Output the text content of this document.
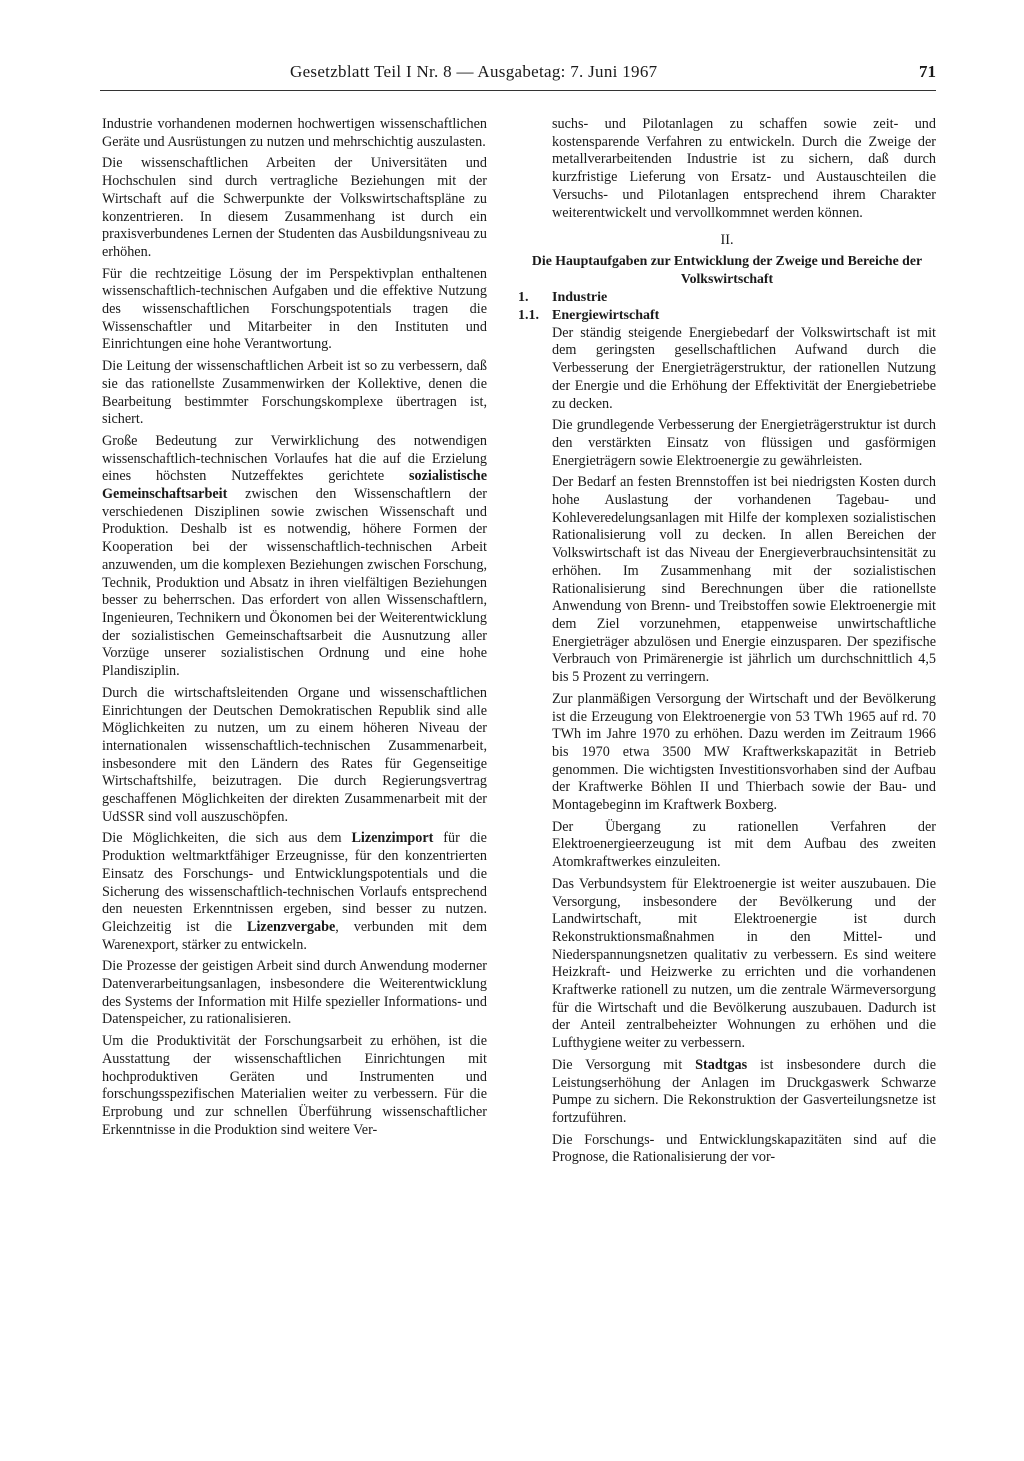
Gesetzblatt Teil I Nr. 8 — Ausgabetag: 7. Juni 1967	71

Industrie vorhandenen modernen hochwertigen wissenschaftlichen Geräte und Ausrüstungen zu nutzen und mehrschichtig auszulasten.

Die wissenschaftlichen Arbeiten der Universitäten und Hochschulen sind durch vertragliche Beziehungen mit der Wirtschaft auf die Schwerpunkte der Volkswirtschaftspläne zu konzentrieren. In diesem Zusammenhang ist durch ein praxisverbundenes Lernen der Studenten das Ausbildungsniveau zu erhöhen.

Für die rechtzeitige Lösung der im Perspektivplan enthaltenen wissenschaftlich-technischen Aufgaben und die effektive Nutzung des wissenschaftlichen Forschungspotentials tragen die Wissenschaftler und Mitarbeiter in den Instituten und Einrichtungen eine hohe Verantwortung.

Die Leitung der wissenschaftlichen Arbeit ist so zu verbessern, daß sie das rationellste Zusammenwirken der Kollektive, denen die Bearbeitung bestimmter Forschungskomplexe übertragen ist, sichert.

Große Bedeutung zur Verwirklichung des notwendigen wissenschaftlich-technischen Vorlaufes hat die auf die Erzielung eines höchsten Nutzeffektes gerichtete sozialistische Gemeinschaftsarbeit zwischen den Wissenschaftlern der verschiedenen Disziplinen sowie zwischen Wissenschaft und Produktion. Deshalb ist es notwendig, höhere Formen der Kooperation bei der wissenschaftlich-technischen Arbeit anzuwenden, um die komplexen Beziehungen zwischen Forschung, Technik, Produktion und Absatz in ihren vielfältigen Beziehungen besser zu beherrschen. Das erfordert von allen Wissenschaftlern, Ingenieuren, Technikern und Ökonomen bei der Weiterentwicklung der sozialistischen Gemeinschaftsarbeit die Ausnutzung aller Vorzüge unserer sozialistischen Ordnung und eine hohe Plandisziplin.

Durch die wirtschaftsleitenden Organe und wissenschaftlichen Einrichtungen der Deutschen Demokratischen Republik sind alle Möglichkeiten zu nutzen, um zu einem höheren Niveau der internationalen wissenschaftlich-technischen Zusammenarbeit, insbesondere mit den Ländern des Rates für Gegenseitige Wirtschaftshilfe, beizutragen. Die durch Regierungsvertrag geschaffenen Möglichkeiten der direkten Zusammenarbeit mit der UdSSR sind voll auszuschöpfen.

Die Möglichkeiten, die sich aus dem Lizenzimport für die Produktion weltmarktfähiger Erzeugnisse, für den konzentrierten Einsatz des Forschungs- und Entwicklungspotentials und die Sicherung des wissenschaftlich-technischen Vorlaufs entsprechend den neuesten Erkenntnissen ergeben, sind besser zu nutzen. Gleichzeitig ist die Lizenzvergabe, verbunden mit dem Warenexport, stärker zu entwickeln.

Die Prozesse der geistigen Arbeit sind durch Anwendung moderner Datenverarbeitungsanlagen, insbesondere die Weiterentwicklung des Systems der Information mit Hilfe spezieller Informations- und Datenspeicher, zu rationalisieren.

Um die Produktivität der Forschungsarbeit zu erhöhen, ist die Ausstattung der wissenschaftlichen Einrichtungen mit hochproduktiven Geräten und Instrumenten und forschungsspezifischen Materialien weiter zu verbessern. Für die Erprobung und zur schnellen Überführung wissenschaftlicher Erkenntnisse in die Produktion sind weitere Ver-

suchs- und Pilotanlagen zu schaffen sowie zeit- und kostensparende Verfahren zu entwickeln. Durch die Zweige der metallverarbeitenden Industrie ist zu sichern, daß durch kurzfristige Lieferung von Ersatz- und Austauschteilen die Versuchs- und Pilotanlagen entsprechend ihrem Charakter weiterentwickelt und vervollkommnet werden können.

II.

Die Hauptaufgaben zur Entwicklung der Zweige und Bereiche der Volkswirtschaft

1. Industrie

1.1. Energiewirtschaft

Der ständig steigende Energiebedarf der Volkswirtschaft ist mit dem geringsten gesellschaftlichen Aufwand durch die Verbesserung der Energieträgerstruktur, der rationellen Nutzung der Energie und die Erhöhung der Effektivität der Energiebetriebe zu decken.

Die grundlegende Verbesserung der Energieträgerstruktur ist durch den verstärkten Einsatz von flüssigen und gasförmigen Energieträgern sowie Elektroenergie zu gewährleisten.

Der Bedarf an festen Brennstoffen ist bei niedrigsten Kosten durch hohe Auslastung der vorhandenen Tagebau- und Kohleveredelungsanlagen mit Hilfe der komplexen sozialistischen Rationalisierung voll zu decken. In allen Bereichen der Volkswirtschaft ist das Niveau der Energieverbrauchsintensität zu erhöhen. Im Zusammenhang mit der sozialistischen Rationalisierung sind Berechnungen über die rationellste Anwendung von Brenn- und Treibstoffen sowie Elektroenergie mit dem Ziel vorzunehmen, etappenweise unwirtschaftliche Energieträger abzulösen und Energie einzusparen. Der spezifische Verbrauch von Primärenergie ist jährlich um durchschnittlich 4,5 bis 5 Prozent zu verringern.

Zur planmäßigen Versorgung der Wirtschaft und der Bevölkerung ist die Erzeugung von Elektroenergie von 53 TWh 1965 auf rd. 70 TWh im Jahre 1970 zu erhöhen. Dazu werden im Zeitraum 1966 bis 1970 etwa 3500 MW Kraftwerkskapazität in Betrieb genommen. Die wichtigsten Investitionsvorhaben sind der Aufbau der Kraftwerke Böhlen II und Thierbach sowie der Bau- und Montagebeginn im Kraftwerk Boxberg.

Der Übergang zu rationellen Verfahren der Elektroenergieerzeugung ist mit dem Aufbau des zweiten Atomkraftwerkes einzuleiten.

Das Verbundsystem für Elektroenergie ist weiter auszubauen. Die Versorgung, insbesondere der Bevölkerung und der Landwirtschaft, mit Elektroenergie ist durch Rekonstruktionsmaßnahmen in den Mittel- und Niederspannungsnetzen qualitativ zu verbessern. Es sind weitere Heizkraft- und Heizwerke zu errichten und die vorhandenen Kraftwerke rationell zu nutzen, um die zentrale Wärmeversorgung für die Wirtschaft und die Bevölkerung auszubauen. Dadurch ist der Anteil zentralbeheizter Wohnungen zu erhöhen und die Lufthygiene weiter zu verbessern.

Die Versorgung mit Stadtgas ist insbesondere durch die Leistungserhöhung der Anlagen im Druckgaswerk Schwarze Pumpe zu sichern. Die Rekonstruktion der Gasverteilungsnetze ist fortzuführen.

Die Forschungs- und Entwicklungskapazitäten sind auf die Prognose, die Rationalisierung der vor-
